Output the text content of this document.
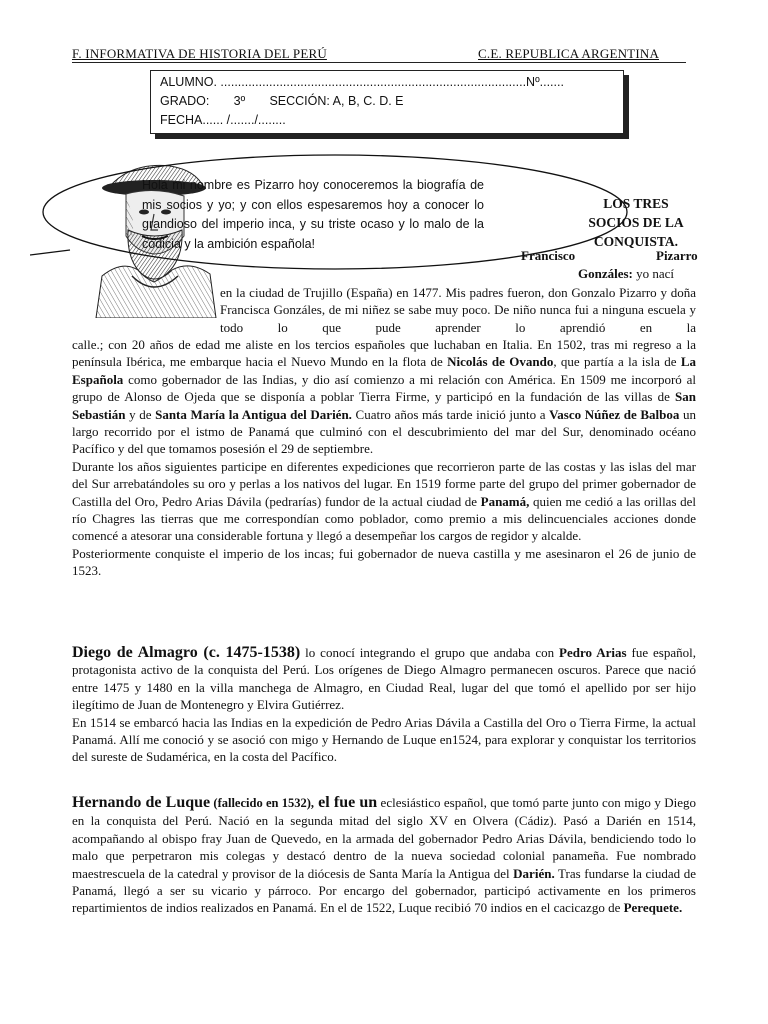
F. INFORMATIVA DE HISTORIA DEL PERÚ	C.E. REPUBLICA ARGENTINA
ALUMNO. ........................................................................................Nº.......
GRADO:       3º       SECCIÓN: A, B, C. D. E
FECHA...... /......./........
Hola mi nombre es Pizarro hoy conoceremos la biografía de mis socios y yo; y con ellos espesaremos hoy a conocer lo grandioso del imperio inca, y su triste ocaso y lo malo de la codicia y la ambición española!
LOS TRES
SOCIOS DE LA
CONQUISTA.
Francisco	Pizarro
Gonzáles: yo nací

en la ciudad de Trujillo (España) en 1477. Mis padres fueron, don Gonzalo Pizarro y doña Francisca Gonzáles, de mi niñez se sabe muy poco. De niño nunca fui a ninguna escuela y todo lo que pude aprender lo aprendió en la

calle.; con 20 años de edad me aliste en los tercios españoles que luchaban en Italia. En 1502, tras mi regreso a la península Ibérica, me embarque hacia el Nuevo Mundo en la flota de Nicolás de Ovando, que partía a la isla de La Española como gobernador de las Indias, y dio así comienzo a mi relación con América. En 1509 me incorporó al grupo de Alonso de Ojeda que se disponía a poblar Tierra Firme, y participó en la fundación de las villas de San Sebastián y de Santa María la Antigua del Darién. Cuatro años más tarde inició junto a Vasco Núñez de Balboa un largo recorrido por el istmo de Panamá que culminó con el descubrimiento del mar del Sur, denominado océano Pacífico y del que tomamos posesión el 29 de septiembre.

Durante los años siguientes participe en diferentes expediciones que recorrieron parte de las costas y las islas del mar del Sur arrebatándoles su oro y perlas a los nativos del lugar. En 1519 forme parte del grupo del primer gobernador de Castilla del Oro, Pedro Arias Dávila (pedrarías) fundor de la actual ciudad de Panamá, quien me cedió a las orillas del río Chagres las tierras que me correspondían como poblador, como premio a mis delincuenciales acciones donde comencé a atesorar una considerable fortuna y llegó a desempeñar los cargos de regidor y alcalde.

Posteriormente conquiste el imperio de los incas; fui gobernador de nueva castilla y me asesinaron el 26 de junio de 1523.

Diego de Almagro (c. 1475-1538) lo conocí integrando el grupo que andaba con Pedro Arias fue español, protagonista activo de la conquista del Perú. Los orígenes de Diego Almagro permanecen oscuros. Parece que nació entre 1475 y 1480 en la villa manchega de Almagro, en Ciudad Real, lugar del que tomó el apellido por ser hijo ilegítimo de Juan de Montenegro y Elvira Gutiérrez.

En 1514 se embarcó hacia las Indias en la expedición de Pedro Arias Dávila a Castilla del Oro o Tierra Firme, la actual Panamá. Allí me conoció y se asoció con migo y Hernando de Luque en1524, para explorar y conquistar los territorios del sureste de Sudamérica, en la costa del Pacífico.

Hernando de Luque (fallecido en 1532), el fue un eclesiástico español, que tomó parte junto con migo y Diego en la conquista del Perú. Nació en la segunda mitad del siglo XV en Olvera (Cádiz). Pasó a Darién en 1514, acompañando al obispo fray Juan de Quevedo, en la armada del gobernador Pedro Arias Dávila, bendiciendo todo lo malo que perpetraron mis colegas y destacó dentro de la nueva sociedad colonial panameña. Fue nombrado maestrescuela de la catedral y provisor de la diócesis de Santa María la Antigua del Darién. Tras fundarse la ciudad de Panamá, llegó a ser su vicario y párroco. Por encargo del gobernador, participó activamente en los primeros repartimientos de indios realizados en Panamá. En el de 1522, Luque recibió 70 indios en el cacicazgo de Perequete.
